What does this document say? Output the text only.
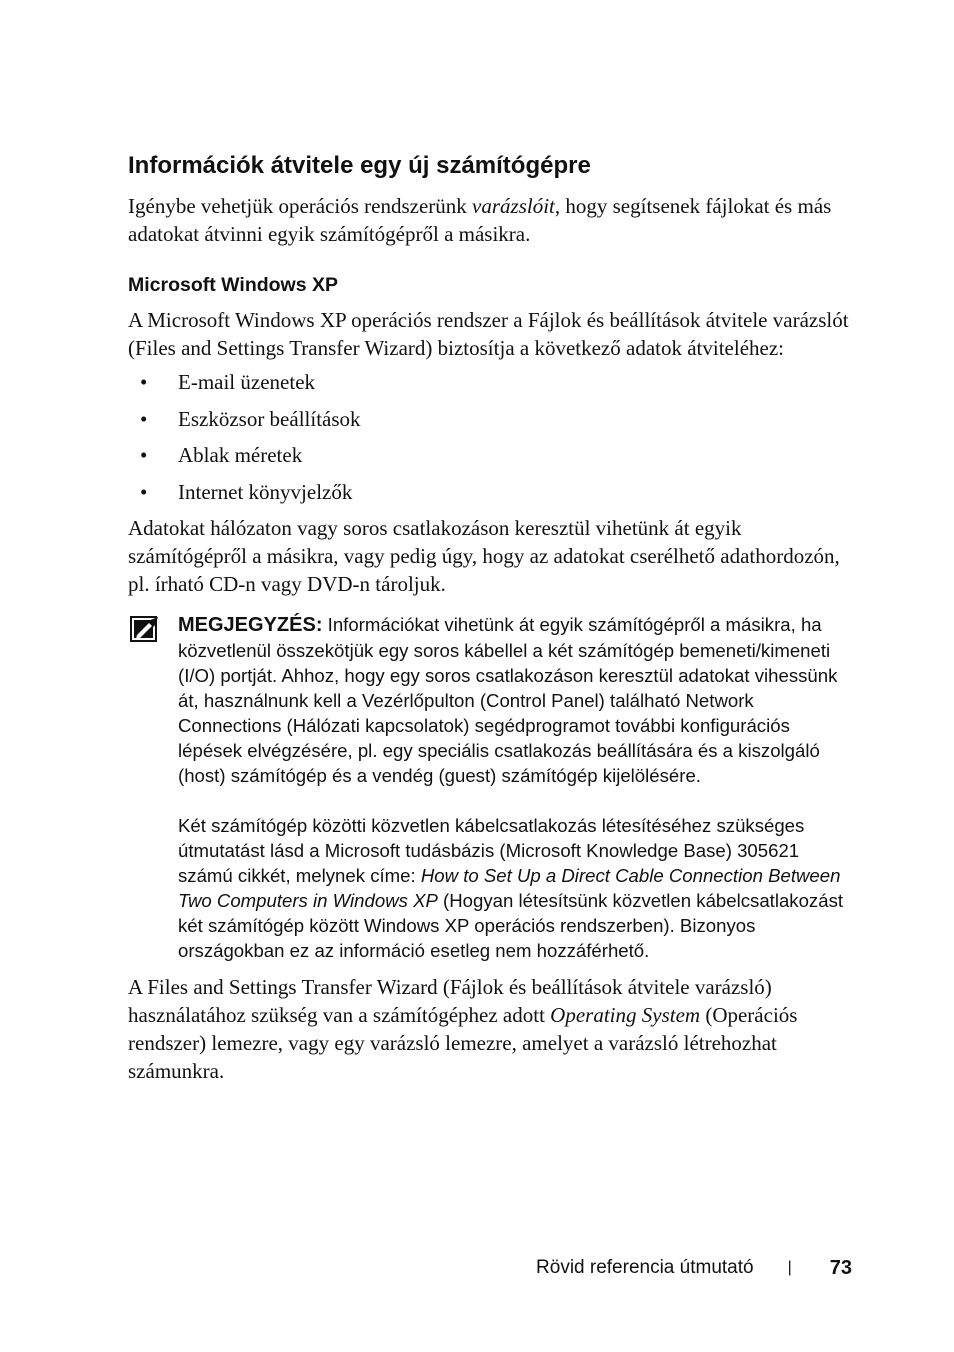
Információk átvitele egy új számítógépre

Igénybe vehetjük operációs rendszerünk varázslóit, hogy segítsenek fájlokat és más adatokat átvinni egyik számítógépről a másikra.

Microsoft Windows XP

A Microsoft Windows XP operációs rendszer a Fájlok és beállítások átvitele varázslót (Files and Settings Transfer Wizard) biztosítja a következő adatok átviteléhez:

• E-mail üzenetek
• Eszközsor beállítások
• Ablak méretek
• Internet könyvjelzők

Adatokat hálózaton vagy soros csatlakozáson keresztül vihetünk át egyik számítógépről a másikra, vagy pedig úgy, hogy az adatokat cserélhető adathordozón, pl. írható CD-n vagy DVD-n tároljuk.

MEGJEGYZÉS: Információkat vihetünk át egyik számítógépről a másikra, ha közvetlenül összekötjük egy soros kábellel a két számítógép bemeneti/kimeneti (I/O) portját. Ahhoz, hogy egy soros csatlakozáson keresztül adatokat vihessünk át, használnunk kell a Vezérlőpulton (Control Panel) található Network Connections (Hálózati kapcsolatok) segédprogramot további konfigurációs lépések elvégzésére, pl. egy speciális csatlakozás beállítására és a kiszolgáló (host) számítógép és a vendég (guest) számítógép kijelölésére.

Két számítógép közötti közvetlen kábelcsatlakozás létesítéséhez szükséges útmutatást lásd a Microsoft tudásbázis (Microsoft Knowledge Base) 305621 számú cikkét, melynek címe: How to Set Up a Direct Cable Connection Between Two Computers in Windows XP (Hogyan létesítsünk közvetlen kábelcsatlakozást két számítógép között Windows XP operációs rendszerben). Bizonyos országokban ez az információ esetleg nem hozzáférhető.

A Files and Settings Transfer Wizard (Fájlok és beállítások átvitele varázsló) használatához szükség van a számítógéphez adott Operating System (Operációs rendszer) lemezre, vagy egy varázsló lemezre, amelyet a varázsló létrehozhat számunkra.

Rövid referencia útmutató | 73
